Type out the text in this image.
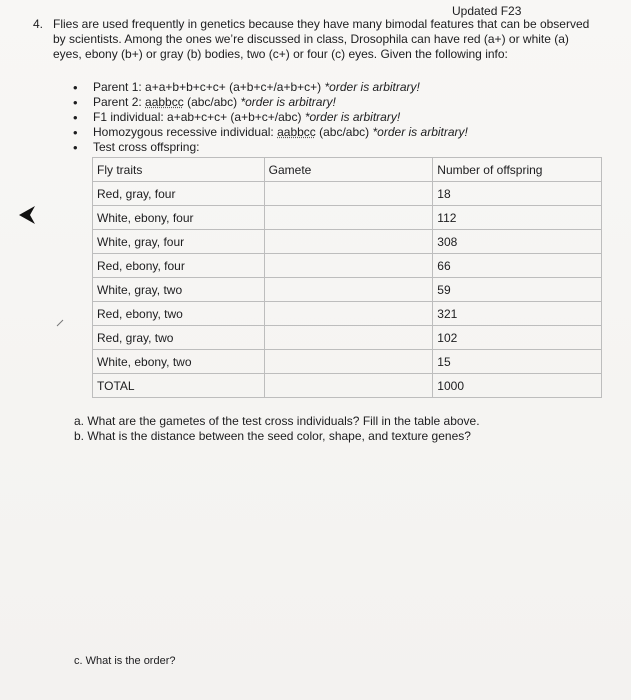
Updated F23
4. Flies are used frequently in genetics because they have many bimodal features that can be observed by scientists. Among the ones we’re discussed in class, Drosophila can have red (a+) or white (a) eyes, ebony (b+) or gray (b) bodies, two (c+) or four (c) eyes. Given the following info:
• Parent 1: a+a+b+b+c+c+ (a+b+c+/a+b+c+) *order is arbitrary!
• Parent 2: aabbcc (abc/abc) *order is arbitrary!
• F1 individual: a+ab+c+c+ (a+b+c+/abc) *order is arbitrary!
• Homozygous recessive individual: aabbcc (abc/abc) *order is arbitrary!
• Test cross offspring:
Fly traits	Gamete	Number of offspring
Red, gray, four		18
White, ebony, four		112
White, gray, four		308
Red, ebony, four		66
White, gray, two		59
Red, ebony, two		321
Red, gray, two		102
White, ebony, two		15
TOTAL		1000
a. What are the gametes of the test cross individuals? Fill in the table above.
b. What is the distance between the seed color, shape, and texture genes?
c. What is the order?
